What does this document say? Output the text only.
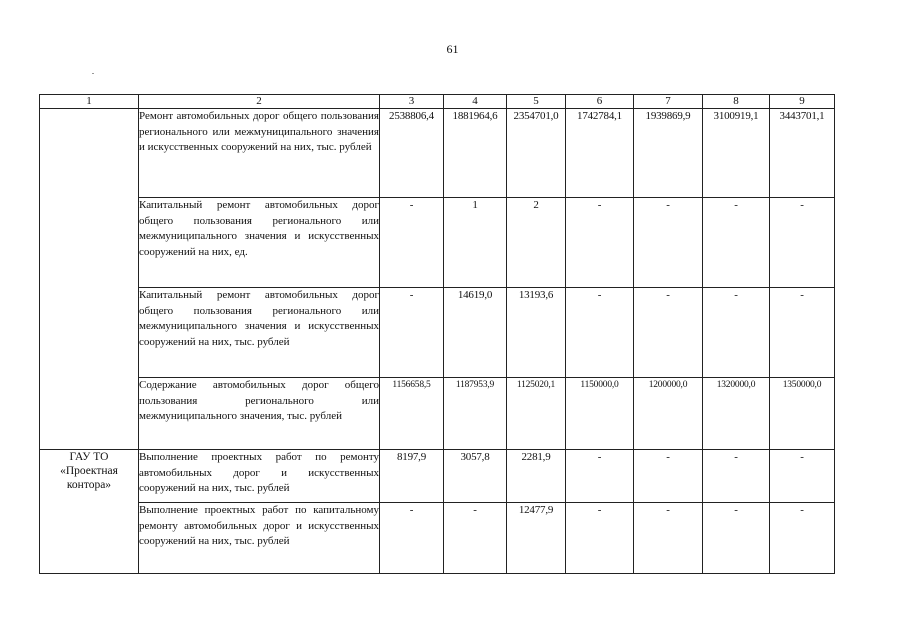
61
1	2	3	4	5	6	7	8	9
	Ремонт автомобильных дорог общего пользования регионального или межмуниципального значения и искусственных сооружений на них, тыс. рублей	2538806,4	1881964,6	2354701,0	1742784,1	1939869,9	3100919,1	3443701,1
	Капитальный ремонт автомобильных дорог общего пользования регионального или межмуниципального значения и искусственных сооружений на них, ед.	-	1	2	-	-	-	-
	Капитальный ремонт автомобильных дорог общего пользования регионального или межмуниципального значения и искусственных сооружений на них, тыс. рублей	-	14619,0	13193,6	-	-	-	-
	Содержание автомобильных дорог общего пользования регионального или межмуниципального значения, тыс. рублей	1156658,5	1187953,9	1125020,1	1150000,0	1200000,0	1320000,0	1350000,0
ГАУ ТО «Проектная контора»	Выполнение проектных работ по ремонту автомобильных дорог и искусственных сооружений на них, тыс. рублей	8197,9	3057,8	2281,9	-	-	-	-
	Выполнение проектных работ по капитальному ремонту автомобильных дорог и искусственных сооружений на них, тыс. рублей	-	-	12477,9	-	-	-	-
